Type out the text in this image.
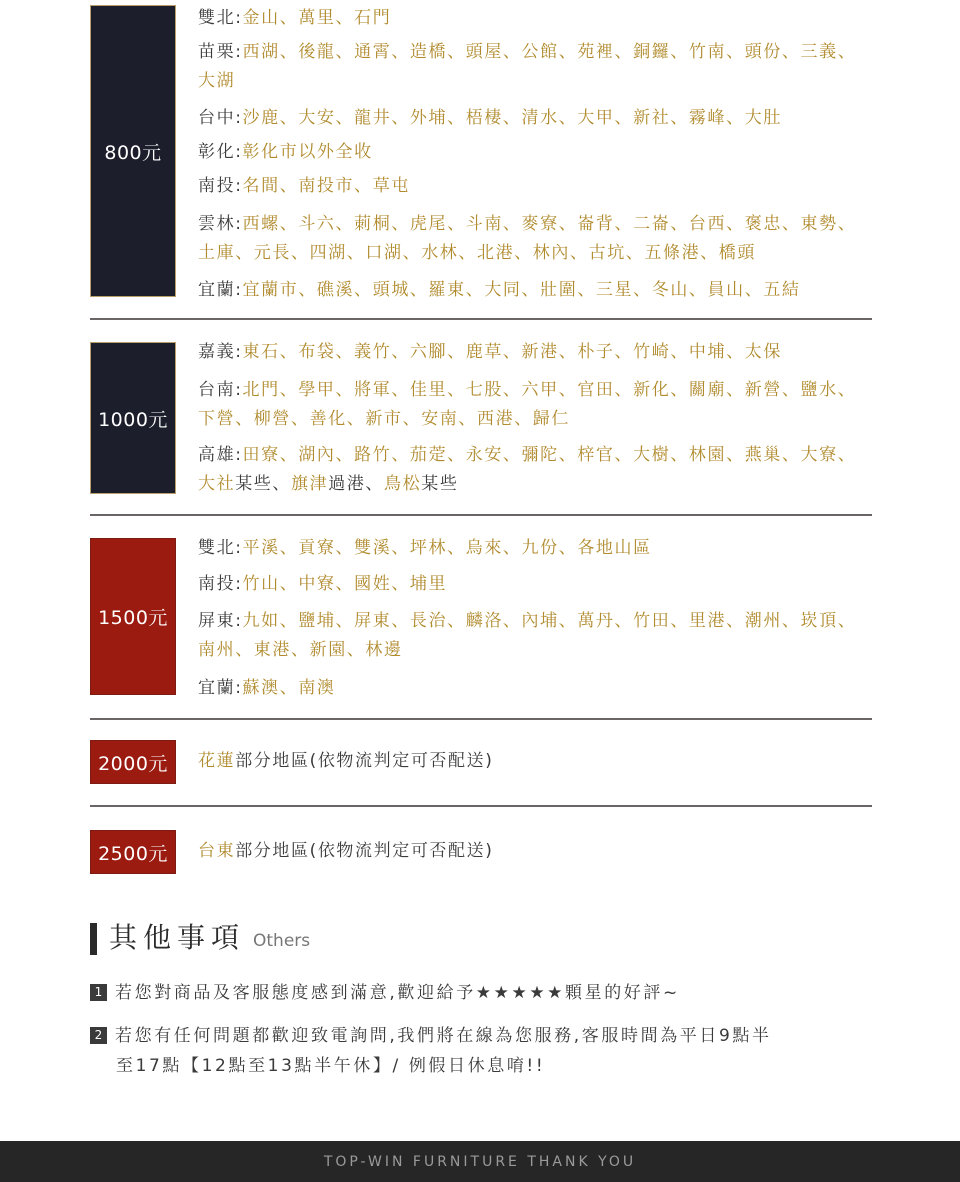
800元
雙北:金山、萬里、石門
苗栗:西湖、後龍、通霄、造橋、頭屋、公館、苑裡、銅鑼、竹南、頭份、三義、
大湖
台中:沙鹿、大安、龍井、外埔、梧棲、清水、大甲、新社、霧峰、大肚
彰化:彰化市以外全收
南投:名間、南投市、草屯
雲林:西螺、斗六、莿桐、虎尾、斗南、麥寮、崙背、二崙、台西、褒忠、東勢、
土庫、元長、四湖、口湖、水林、北港、林內、古坑、五條港、橋頭
宜蘭:宜蘭市、礁溪、頭城、羅東、大同、壯圍、三星、冬山、員山、五結
1000元
嘉義:東石、布袋、義竹、六腳、鹿草、新港、朴子、竹崎、中埔、太保
台南:北門、學甲、將軍、佳里、七股、六甲、官田、新化、關廟、新營、鹽水、
下營、柳營、善化、新市、安南、西港、歸仁
高雄:田寮、湖內、路竹、茄萣、永安、彌陀、梓官、大樹、林園、燕巢、大寮、
大社某些、旗津過港、鳥松某些
1500元
雙北:平溪、貢寮、雙溪、坪林、烏來、九份、各地山區
南投:竹山、中寮、國姓、埔里
屏東:九如、鹽埔、屏東、長治、麟洛、內埔、萬丹、竹田、里港、潮州、崁頂、
南州、東港、新園、林邊
宜蘭:蘇澳、南澳
2000元	花蓮部分地區(依物流判定可否配送)
2500元	台東部分地區(依物流判定可否配送)
其他事項 Others
1 若您對商品及客服態度感到滿意,歡迎給予★★★★★顆星的好評~
2 若您有任何問題都歡迎致電詢問,我們將在線為您服務,客服時間為平日9點半
至17點【12點至13點半午休】/ 例假日休息唷!!
TOP-WIN FURNITURE THANK YOU
